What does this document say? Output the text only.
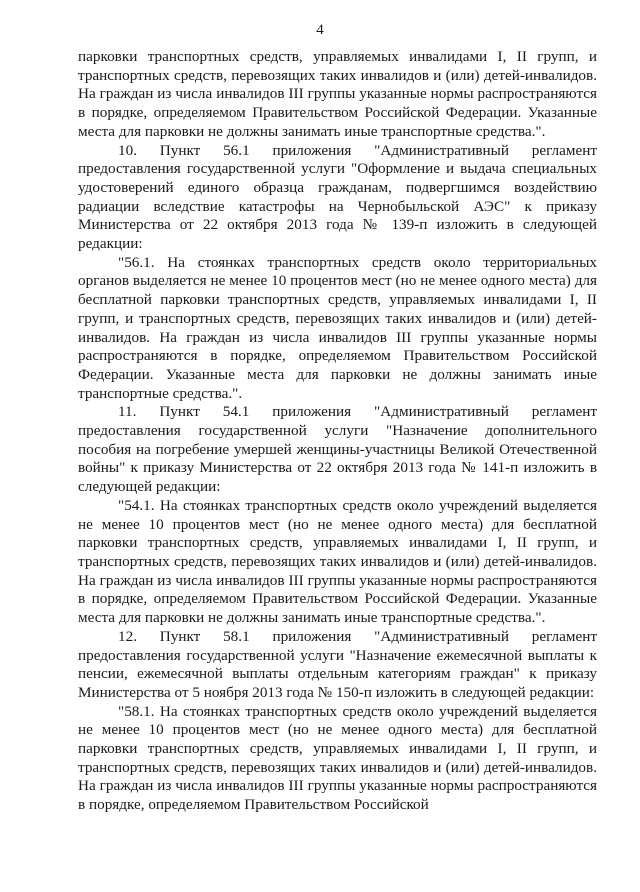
4

парковки транспортных средств, управляемых инвалидами I, II групп, и транспортных средств, перевозящих таких инвалидов и (или) детей-инвалидов. На граждан из числа инвалидов III группы указанные нормы распространяются в порядке, определяемом Правительством Российской Федерации. Указанные места для парковки не должны занимать иные транспортные средства.".

10. Пункт 56.1 приложения "Административный регламент предоставления государственной услуги "Оформление и выдача специальных удостоверений единого образца гражданам, подвергшимся воздействию радиации вследствие катастрофы на Чернобыльской АЭС" к приказу Министерства от 22 октября 2013 года № 139-п изложить в следующей редакции:

"56.1. На стоянках транспортных средств около территориальных органов выделяется не менее 10 процентов мест (но не менее одного места) для бесплатной парковки транспортных средств, управляемых инвалидами I, II групп, и транспортных средств, перевозящих таких инвалидов и (или) детей-инвалидов. На граждан из числа инвалидов III группы указанные нормы распространяются в порядке, определяемом Правительством Российской Федерации. Указанные места для парковки не должны занимать иные транспортные средства.".

11. Пункт 54.1 приложения "Административный регламент предоставления государственной услуги "Назначение дополнительного пособия на погребение умершей женщины-участницы Великой Отечественной войны" к приказу Министерства от 22 октября 2013 года № 141-п изложить в следующей редакции:

"54.1. На стоянках транспортных средств около учреждений выделяется не менее 10 процентов мест (но не менее одного места) для бесплатной парковки транспортных средств, управляемых инвалидами I, II групп, и транспортных средств, перевозящих таких инвалидов и (или) детей-инвалидов. На граждан из числа инвалидов III группы указанные нормы распространяются в порядке, определяемом Правительством Российской Федерации. Указанные места для парковки не должны занимать иные транспортные средства.".

12. Пункт 58.1 приложения "Административный регламент предоставления государственной услуги "Назначение ежемесячной выплаты к пенсии, ежемесячной выплаты отдельным категориям граждан" к приказу Министерства от 5 ноября 2013 года № 150-п изложить в следующей редакции:

"58.1. На стоянках транспортных средств около учреждений выделяется не менее 10 процентов мест (но не менее одного места) для бесплатной парковки транспортных средств, управляемых инвалидами I, II групп, и транспортных средств, перевозящих таких инвалидов и (или) детей-инвалидов. На граждан из числа инвалидов III группы указанные нормы распространяются в порядке, определяемом Правительством Российской
